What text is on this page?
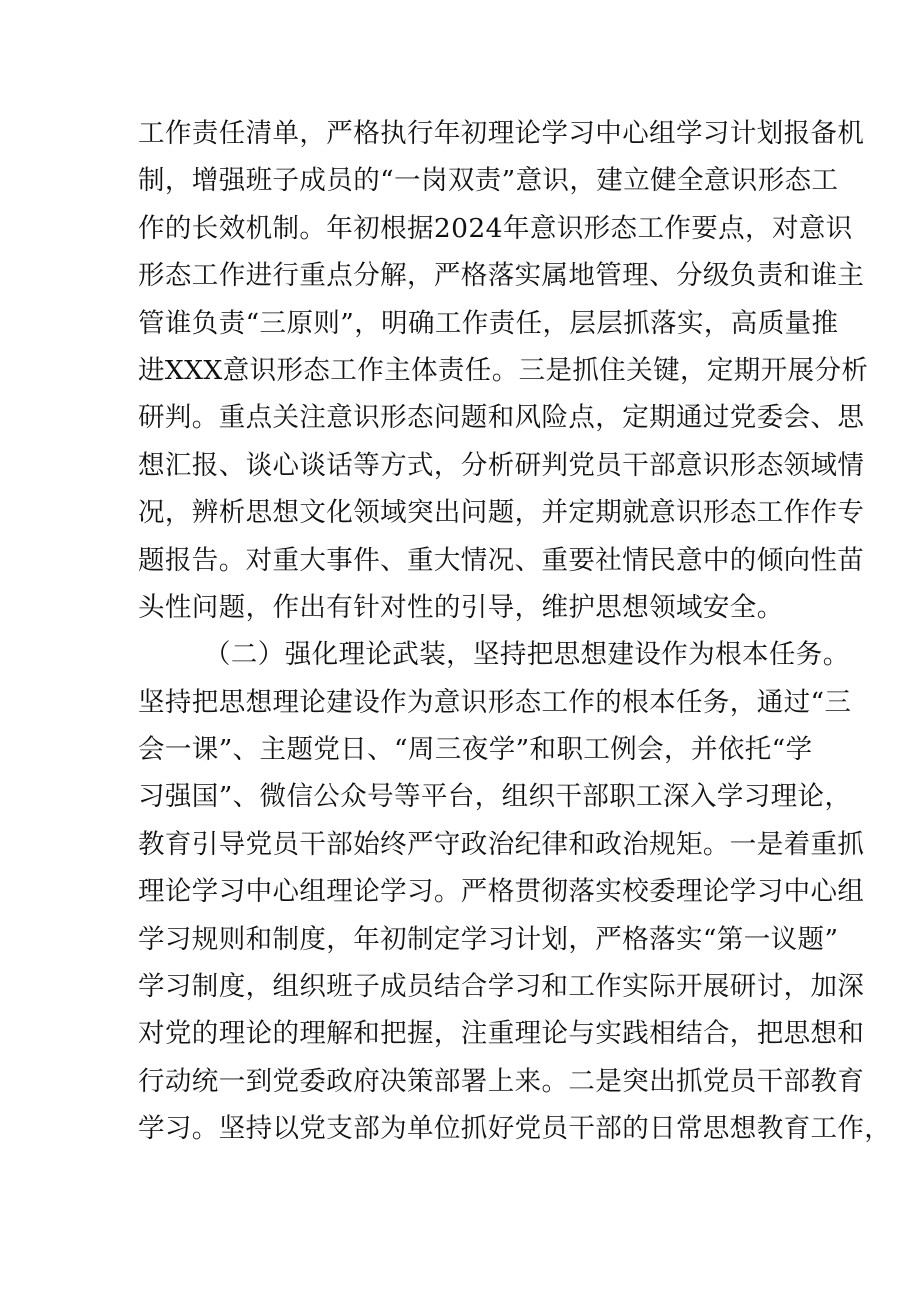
工作责任清单，严格执行年初理论学习中心组学习计划报备机
制，增强班子成员的“一岗双责”意识，建立健全意识形态工
作的长效机制。年初根据2024年意识形态工作要点，对意识
形态工作进行重点分解，严格落实属地管理、分级负责和谁主
管谁负责“三原则”，明确工作责任，层层抓落实，高质量推
进XXX意识形态工作主体责任。三是抓住关键，定期开展分析
研判。重点关注意识形态问题和风险点，定期通过党委会、思
想汇报、谈心谈话等方式，分析研判党员干部意识形态领域情
况，辨析思想文化领域突出问题，并定期就意识形态工作作专
题报告。对重大事件、重大情况、重要社情民意中的倾向性苗
头性问题，作出有针对性的引导，维护思想领域安全。
（二）强化理论武装，坚持把思想建设作为根本任务。
坚持把思想理论建设作为意识形态工作的根本任务，通过“三
会一课”、主题党日、“周三夜学”和职工例会，并依托“学
习强国”、微信公众号等平台，组织干部职工深入学习理论，
教育引导党员干部始终严守政治纪律和政治规矩。一是着重抓
理论学习中心组理论学习。严格贯彻落实校委理论学习中心组
学习规则和制度，年初制定学习计划，严格落实“第一议题”
学习制度，组织班子成员结合学习和工作实际开展研讨，加深
对党的理论的理解和把握，注重理论与实践相结合，把思想和
行动统一到党委政府决策部署上来。二是突出抓党员干部教育
学习。坚持以党支部为单位抓好党员干部的日常思想教育工作，
